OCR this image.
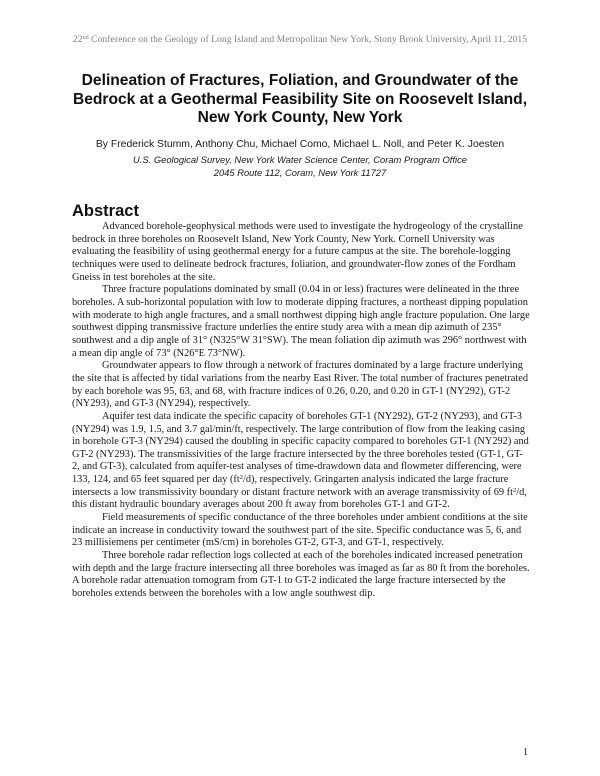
22nd Conference on the Geology of Long Island and Metropolitan New York, Stony Brook University, April 11, 2015
Delineation of Fractures, Foliation, and Groundwater of the Bedrock at a Geothermal Feasibility Site on Roosevelt Island, New York County, New York
By Frederick Stumm, Anthony Chu, Michael Como, Michael L. Noll, and Peter K. Joesten
U.S. Geological Survey, New York Water Science Center, Coram Program Office
2045 Route 112, Coram, New York 11727
Abstract

Advanced borehole-geophysical methods were used to investigate the hydrogeology of the crystalline bedrock in three boreholes on Roosevelt Island, New York County, New York. Cornell University was evaluating the feasibility of using geothermal energy for a future campus at the site. The borehole-logging techniques were used to delineate bedrock fractures, foliation, and groundwater-flow zones of the Fordham Gneiss in test boreholes at the site.

Three fracture populations dominated by small (0.04 in or less) fractures were delineated in the three boreholes. A sub-horizontal population with low to moderate dipping fractures, a northeast dipping population with moderate to high angle fractures, and a small northwest dipping high angle fracture population. One large southwest dipping transmissive fracture underlies the entire study area with a mean dip azimuth of 235° southwest and a dip angle of 31° (N325°W 31°SW). The mean foliation dip azimuth was 296° northwest with a mean dip angle of 73° (N26°E 73°NW).

Groundwater appears to flow through a network of fractures dominated by a large fracture underlying the site that is affected by tidal variations from the nearby East River. The total number of fractures penetrated by each borehole was 95, 63, and 68, with fracture indices of 0.26, 0.20, and 0.20 in GT-1 (NY292), GT-2 (NY293), and GT-3 (NY294), respectively.

Aquifer test data indicate the specific capacity of boreholes GT-1 (NY292), GT-2 (NY293), and GT-3 (NY294) was 1.9, 1.5, and 3.7 gal/min/ft, respectively. The large contribution of flow from the leaking casing in borehole GT-3 (NY294) caused the doubling in specific capacity compared to boreholes GT-1 (NY292) and GT-2 (NY293). The transmissivities of the large fracture intersected by the three boreholes tested (GT-1, GT-2, and GT-3), calculated from aquifer-test analyses of time-drawdown data and flowmeter differencing, were 133, 124, and 65 feet squared per day $(ft^2/d)$, respectively. Gringarten analysis indicated the large fracture intersects a low transmissivity boundary or distant fracture network with an average transmissivity of 69 $ft^2/d$, this distant hydraulic boundary averages about 200 ft away from boreholes GT-1 and GT-2.

Field measurements of specific conductance of the three boreholes under ambient conditions at the site indicate an increase in conductivity toward the southwest part of the site. Specific conductance was 5, 6, and 23 millisiemens per centimeter (mS/cm) in boreholes GT-2, GT-3, and GT-1, respectively.

Three borehole radar reflection logs collected at each of the boreholes indicated increased penetration with depth and the large fracture intersecting all three boreholes was imaged as far as 80 ft from the boreholes. A borehole radar attenuation tomogram from GT-1 to GT-2 indicated the large fracture intersected by the boreholes extends between the boreholes with a low angle southwest dip.

1
